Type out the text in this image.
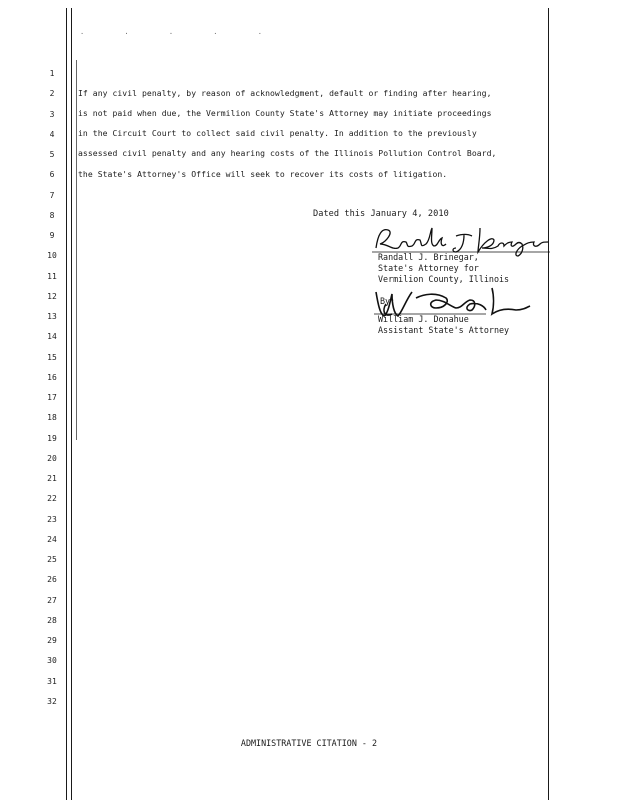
· · · · ·
1
2
3
4
5
6
7
8
9
10
11
12
13
14
15
16
17
18
19
20
21
22
23
24
25
26
27
28
29
30
31
32
If any civil penalty, by reason of acknowledgment, default or finding after hearing,
is not paid when due, the Vermilion County State's Attorney may initiate proceedings
in the Circuit Court to collect said civil penalty. In addition to the previously
assessed civil penalty and any hearing costs of the Illinois Pollution Control Board,
the State's Attorney's Office will seek to recover its costs of litigation.
Dated this January 4, 2010
Randall J. Brinegar,
State's Attorney for
Vermilion County, Illinois
By:
William J. Donahue
Assistant State's Attorney
ADMINISTRATIVE CITATION - 2
